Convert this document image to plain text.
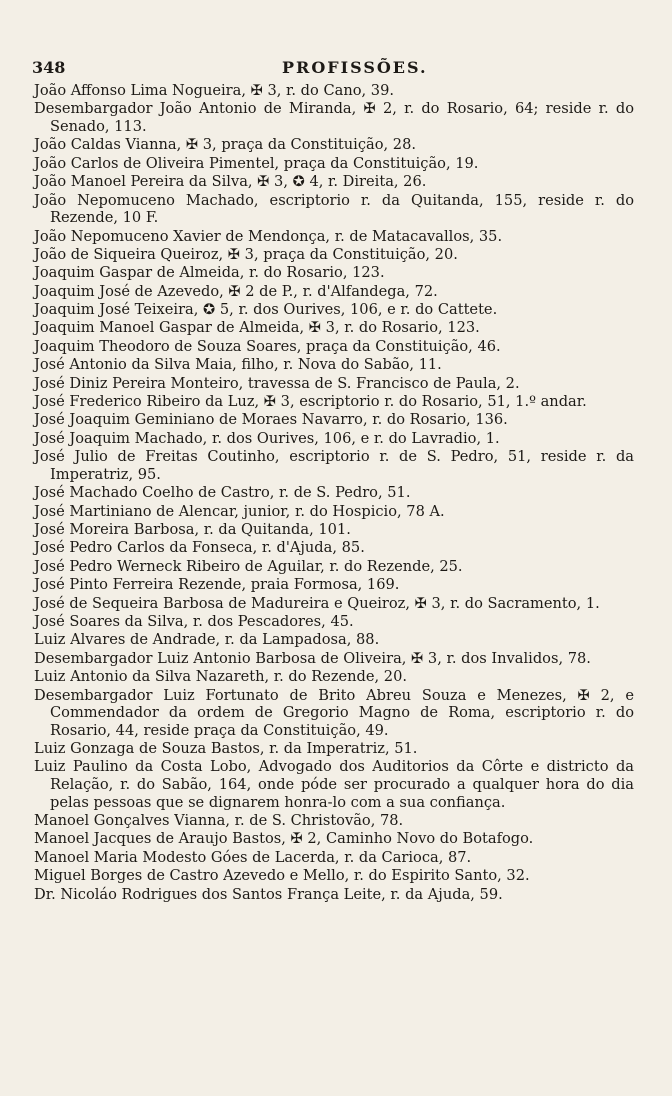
348	PROFISSÕES.

João Affonso Lima Nogueira, ✠ 3, r. do Cano, 39.

Desembargador João Antonio de Miranda, ✠ 2, r. do Rosario, 64; reside r. do Senado, 113.

João Caldas Vianna, ✠ 3, praça da Constituição, 28.

João Carlos de Oliveira Pimentel, praça da Constituição, 19.

João Manoel Pereira da Silva, ✠ 3, ✪ 4, r. Direita, 26.

João Nepomuceno Machado, escriptorio r. da Quitanda, 155, reside r. do Rezende, 10 F.

João Nepomuceno Xavier de Mendonça, r. de Matacavallos, 35.

João de Siqueira Queiroz, ✠ 3, praça da Constituição, 20.

Joaquim Gaspar de Almeida, r. do Rosario, 123.

Joaquim José de Azevedo, ✠ 2 de P., r. d'Alfandega, 72.

Joaquim José Teixeira, ✪ 5, r. dos Ourives, 106, e r. do Cattete.

Joaquim Manoel Gaspar de Almeida, ✠ 3, r. do Rosario, 123.

Joaquim Theodoro de Souza Soares, praça da Constituição, 46.

José Antonio da Silva Maia, filho, r. Nova do Sabão, 11.

José Diniz Pereira Monteiro, travessa de S. Francisco de Paula, 2.

José Frederico Ribeiro da Luz, ✠ 3, escriptorio r. do Rosario, 51, 1.º andar.

José Joaquim Geminiano de Moraes Navarro, r. do Rosario, 136.

José Joaquim Machado, r. dos Ourives, 106, e r. do Lavradio, 1.

José Julio de Freitas Coutinho, escriptorio r. de S. Pedro, 51, reside r. da Imperatriz, 95.

José Machado Coelho de Castro, r. de S. Pedro, 51.

José Martiniano de Alencar, junior, r. do Hospicio, 78 A.

José Moreira Barbosa, r. da Quitanda, 101.

José Pedro Carlos da Fonseca, r. d'Ajuda, 85.

José Pedro Werneck Ribeiro de Aguilar, r. do Rezende, 25.

José Pinto Ferreira Rezende, praia Formosa, 169.

José de Sequeira Barbosa de Madureira e Queiroz, ✠ 3, r. do Sacramento, 1.

José Soares da Silva, r. dos Pescadores, 45.

Luiz Alvares de Andrade, r. da Lampadosa, 88.

Desembargador Luiz Antonio Barbosa de Oliveira, ✠ 3, r. dos Invalidos, 78.

Luiz Antonio da Silva Nazareth, r. do Rezende, 20.

Desembargador Luiz Fortunato de Brito Abreu Souza e Menezes, ✠ 2, e Commendador da ordem de Gregorio Magno de Roma, escriptorio r. do Rosario, 44, reside praça da Constituição, 49.

Luiz Gonzaga de Souza Bastos, r. da Imperatriz, 51.

Luiz Paulino da Costa Lobo, Advogado dos Auditorios da Côrte e districto da Relação, r. do Sabão, 164, onde póde ser procurado a qualquer hora do dia pelas pessoas que se dignarem honra-lo com a sua confiança.

Manoel Gonçalves Vianna, r. de S. Christovão, 78.

Manoel Jacques de Araujo Bastos, ✠ 2, Caminho Novo do Botafogo.

Manoel Maria Modesto Góes de Lacerda, r. da Carioca, 87.

Miguel Borges de Castro Azevedo e Mello, r. do Espirito Santo, 32.

Dr. Nicoláo Rodrigues dos Santos França Leite, r. da Ajuda, 59.
